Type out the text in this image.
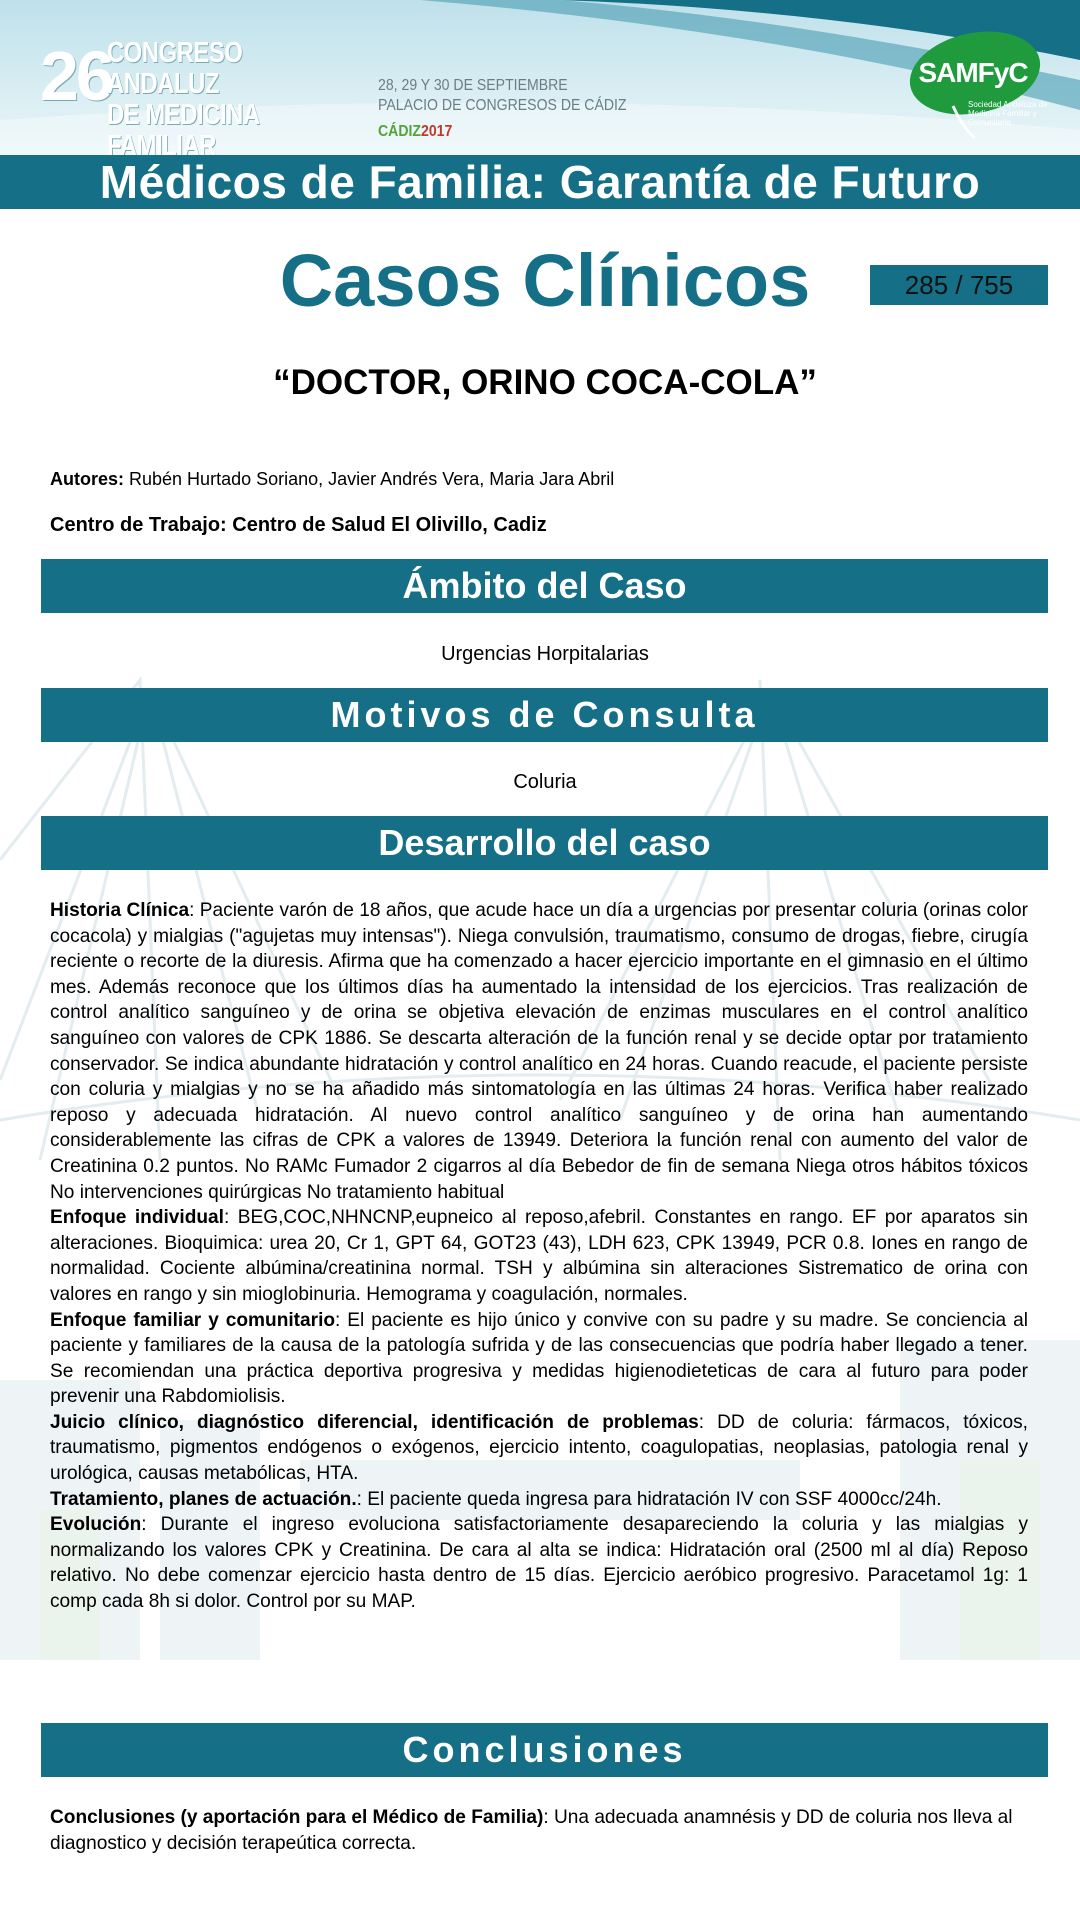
26
CONGRESO ANDALUZ
DE MEDICINA FAMILIAR
28, 29 Y 30 DE SEPTIEMBRE
PALACIO DE CONGRESOS DE CÁDIZ
CÁDIZ2017
SAMFyC
Sociedad Andaluza de Medicina Familiar y Comunitaria
Médicos de Familia: Garantía de Futuro
Casos Clínicos	285 / 755
“DOCTOR, ORINO COCA-COLA”
Autores: Rubén Hurtado Soriano, Javier Andrés Vera, Maria Jara Abril
Centro de Trabajo: Centro de Salud El Olivillo, Cadiz
Ámbito del Caso
Urgencias Horpitalarias
Motivos de Consulta
Coluria
Desarrollo del caso

Historia Clínica: Paciente varón de 18 años, que acude hace un día a urgencias por presentar coluria (orinas color cocacola) y mialgias ("agujetas muy intensas"). Niega convulsión, traumatismo, consumo de drogas, fiebre, cirugía reciente o recorte de la diuresis. Afirma que ha comenzado a hacer ejercicio importante en el gimnasio en el último mes. Además reconoce que los últimos días ha aumentado la intensidad de los ejercicios. Tras realización de control analítico sanguíneo y de orina se objetiva elevación de enzimas musculares en el control analítico sanguíneo con valores de CPK 1886. Se descarta alteración de la función renal y se decide optar por tratamiento conservador. Se indica abundante hidratación y control analítico en 24 horas. Cuando reacude, el paciente persiste con coluria y mialgias y no se ha añadido más sintomatología en las últimas 24 horas. Verifica haber realizado reposo y adecuada hidratación. Al nuevo control analítico sanguíneo y de orina han aumentando considerablemente las cifras de CPK a valores de 13949. Deteriora la función renal con aumento del valor de Creatinina 0.2 puntos. No RAMc Fumador 2 cigarros al día Bebedor de fin de semana Niega otros hábitos tóxicos No intervenciones quirúrgicas No tratamiento habitual

Enfoque individual: BEG,COC,NHNCNP,eupneico al reposo,afebril. Constantes en rango. EF por aparatos sin alteraciones. Bioquimica: urea 20, Cr 1, GPT 64, GOT23 (43), LDH 623, CPK 13949, PCR 0.8. Iones en rango de normalidad. Cociente albúmina/creatinina normal. TSH y albúmina sin alteraciones Sistrematico de orina con valores en rango y sin mioglobinuria. Hemograma y coagulación, normales.

Enfoque familiar y comunitario: El paciente es hijo único y convive con su padre y su madre. Se conciencia al paciente y familiares de la causa de la patología sufrida y de las consecuencias que podría haber llegado a tener. Se recomiendan una práctica deportiva progresiva y medidas higienodieteticas de cara al futuro para poder prevenir una Rabdomiolisis.

Juicio clínico, diagnóstico diferencial, identificación de problemas: DD de coluria: fármacos, tóxicos, traumatismo, pigmentos endógenos o exógenos, ejercicio intento, coagulopatias, neoplasias, patologia renal y urológica, causas metabólicas, HTA.

Tratamiento, planes de actuación.: El paciente queda ingresa para hidratación IV con SSF 4000cc/24h.

Evolución: Durante el ingreso evoluciona satisfactoriamente desapareciendo la coluria y las mialgias y normalizando los valores CPK y Creatinina. De cara al alta se indica: Hidratación oral (2500 ml al día) Reposo relativo. No debe comenzar ejercicio hasta dentro de 15 días. Ejercicio aeróbico progresivo. Paracetamol 1g: 1 comp cada 8h si dolor. Control por su MAP.

Conclusiones
Conclusiones (y aportación para el Médico de Familia): Una adecuada anamnésis y DD de coluria nos lleva al diagnostico y decisión terapeútica correcta.
